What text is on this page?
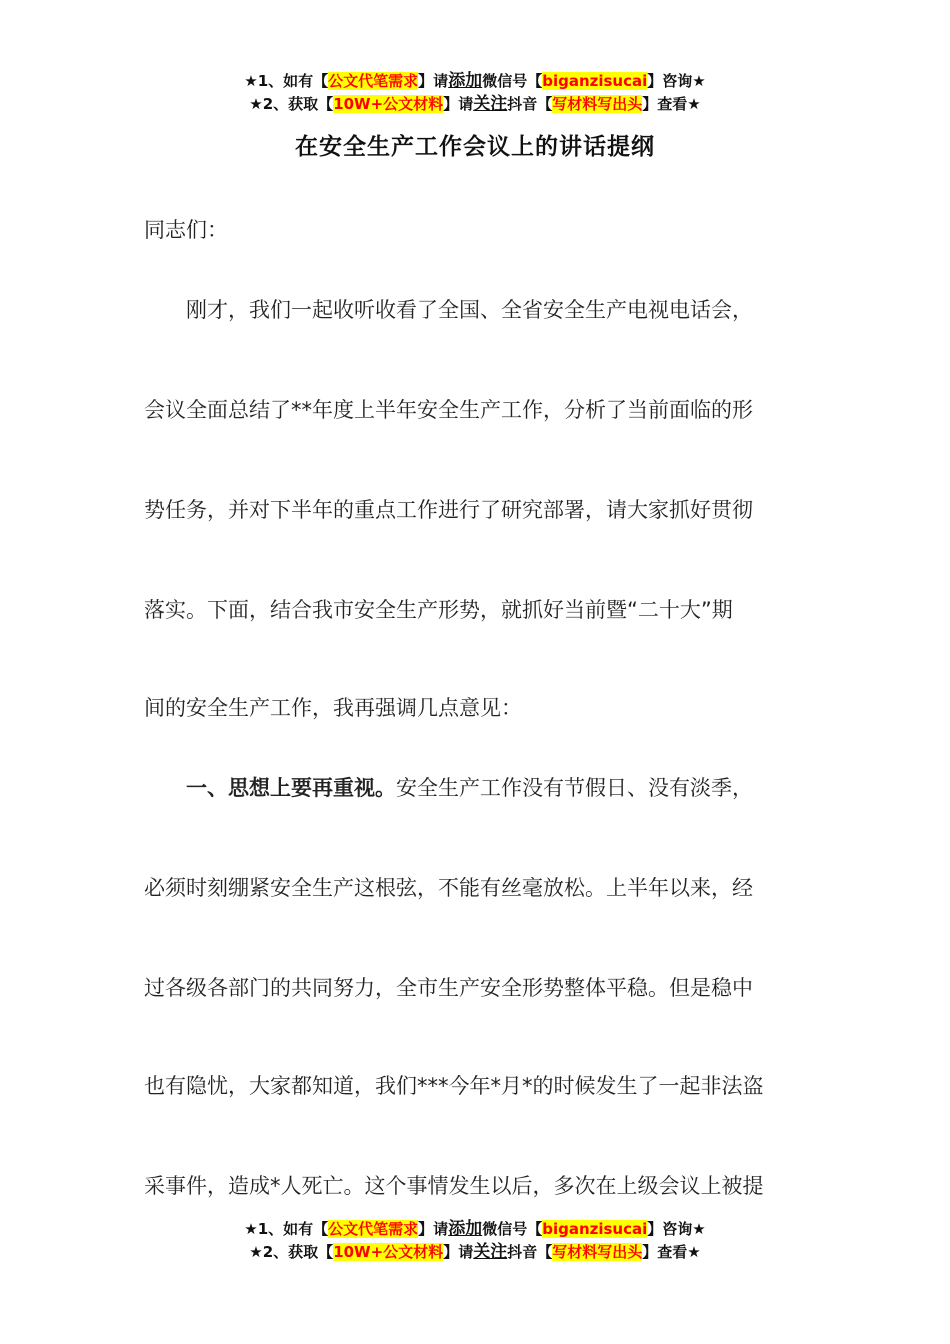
★1、如有【公文代笔需求】请添加微信号【biganzisucai】咨询★
★2、获取【10W+公文材料】请关注抖音【写材料写出头】查看★
在安全生产工作会议上的讲话提纲
同志们：
　　刚才，我们一起收听收看了全国、全省安全生产电视电话会，
会议全面总结了**年度上半年安全生产工作，分析了当前面临的形
势任务，并对下半年的重点工作进行了研究部署，请大家抓好贯彻
落实。下面，结合我市安全生产形势，就抓好当前暨“二十大”期
间的安全生产工作，我再强调几点意见：
　　一、思想上要再重视。安全生产工作没有节假日、没有淡季，
必须时刻绷紧安全生产这根弦，不能有丝毫放松。上半年以来，经
过各级各部门的共同努力，全市生产安全形势整体平稳。但是稳中
也有隐忧，大家都知道，我们***今年*月*的时候发生了一起非法盗
采事件，造成*人死亡。这个事情发生以后，多次在上级会议上被提
★1、如有【公文代笔需求】请添加微信号【biganzisucai】咨询★
★2、获取【10W+公文材料】请关注抖音【写材料写出头】查看★
